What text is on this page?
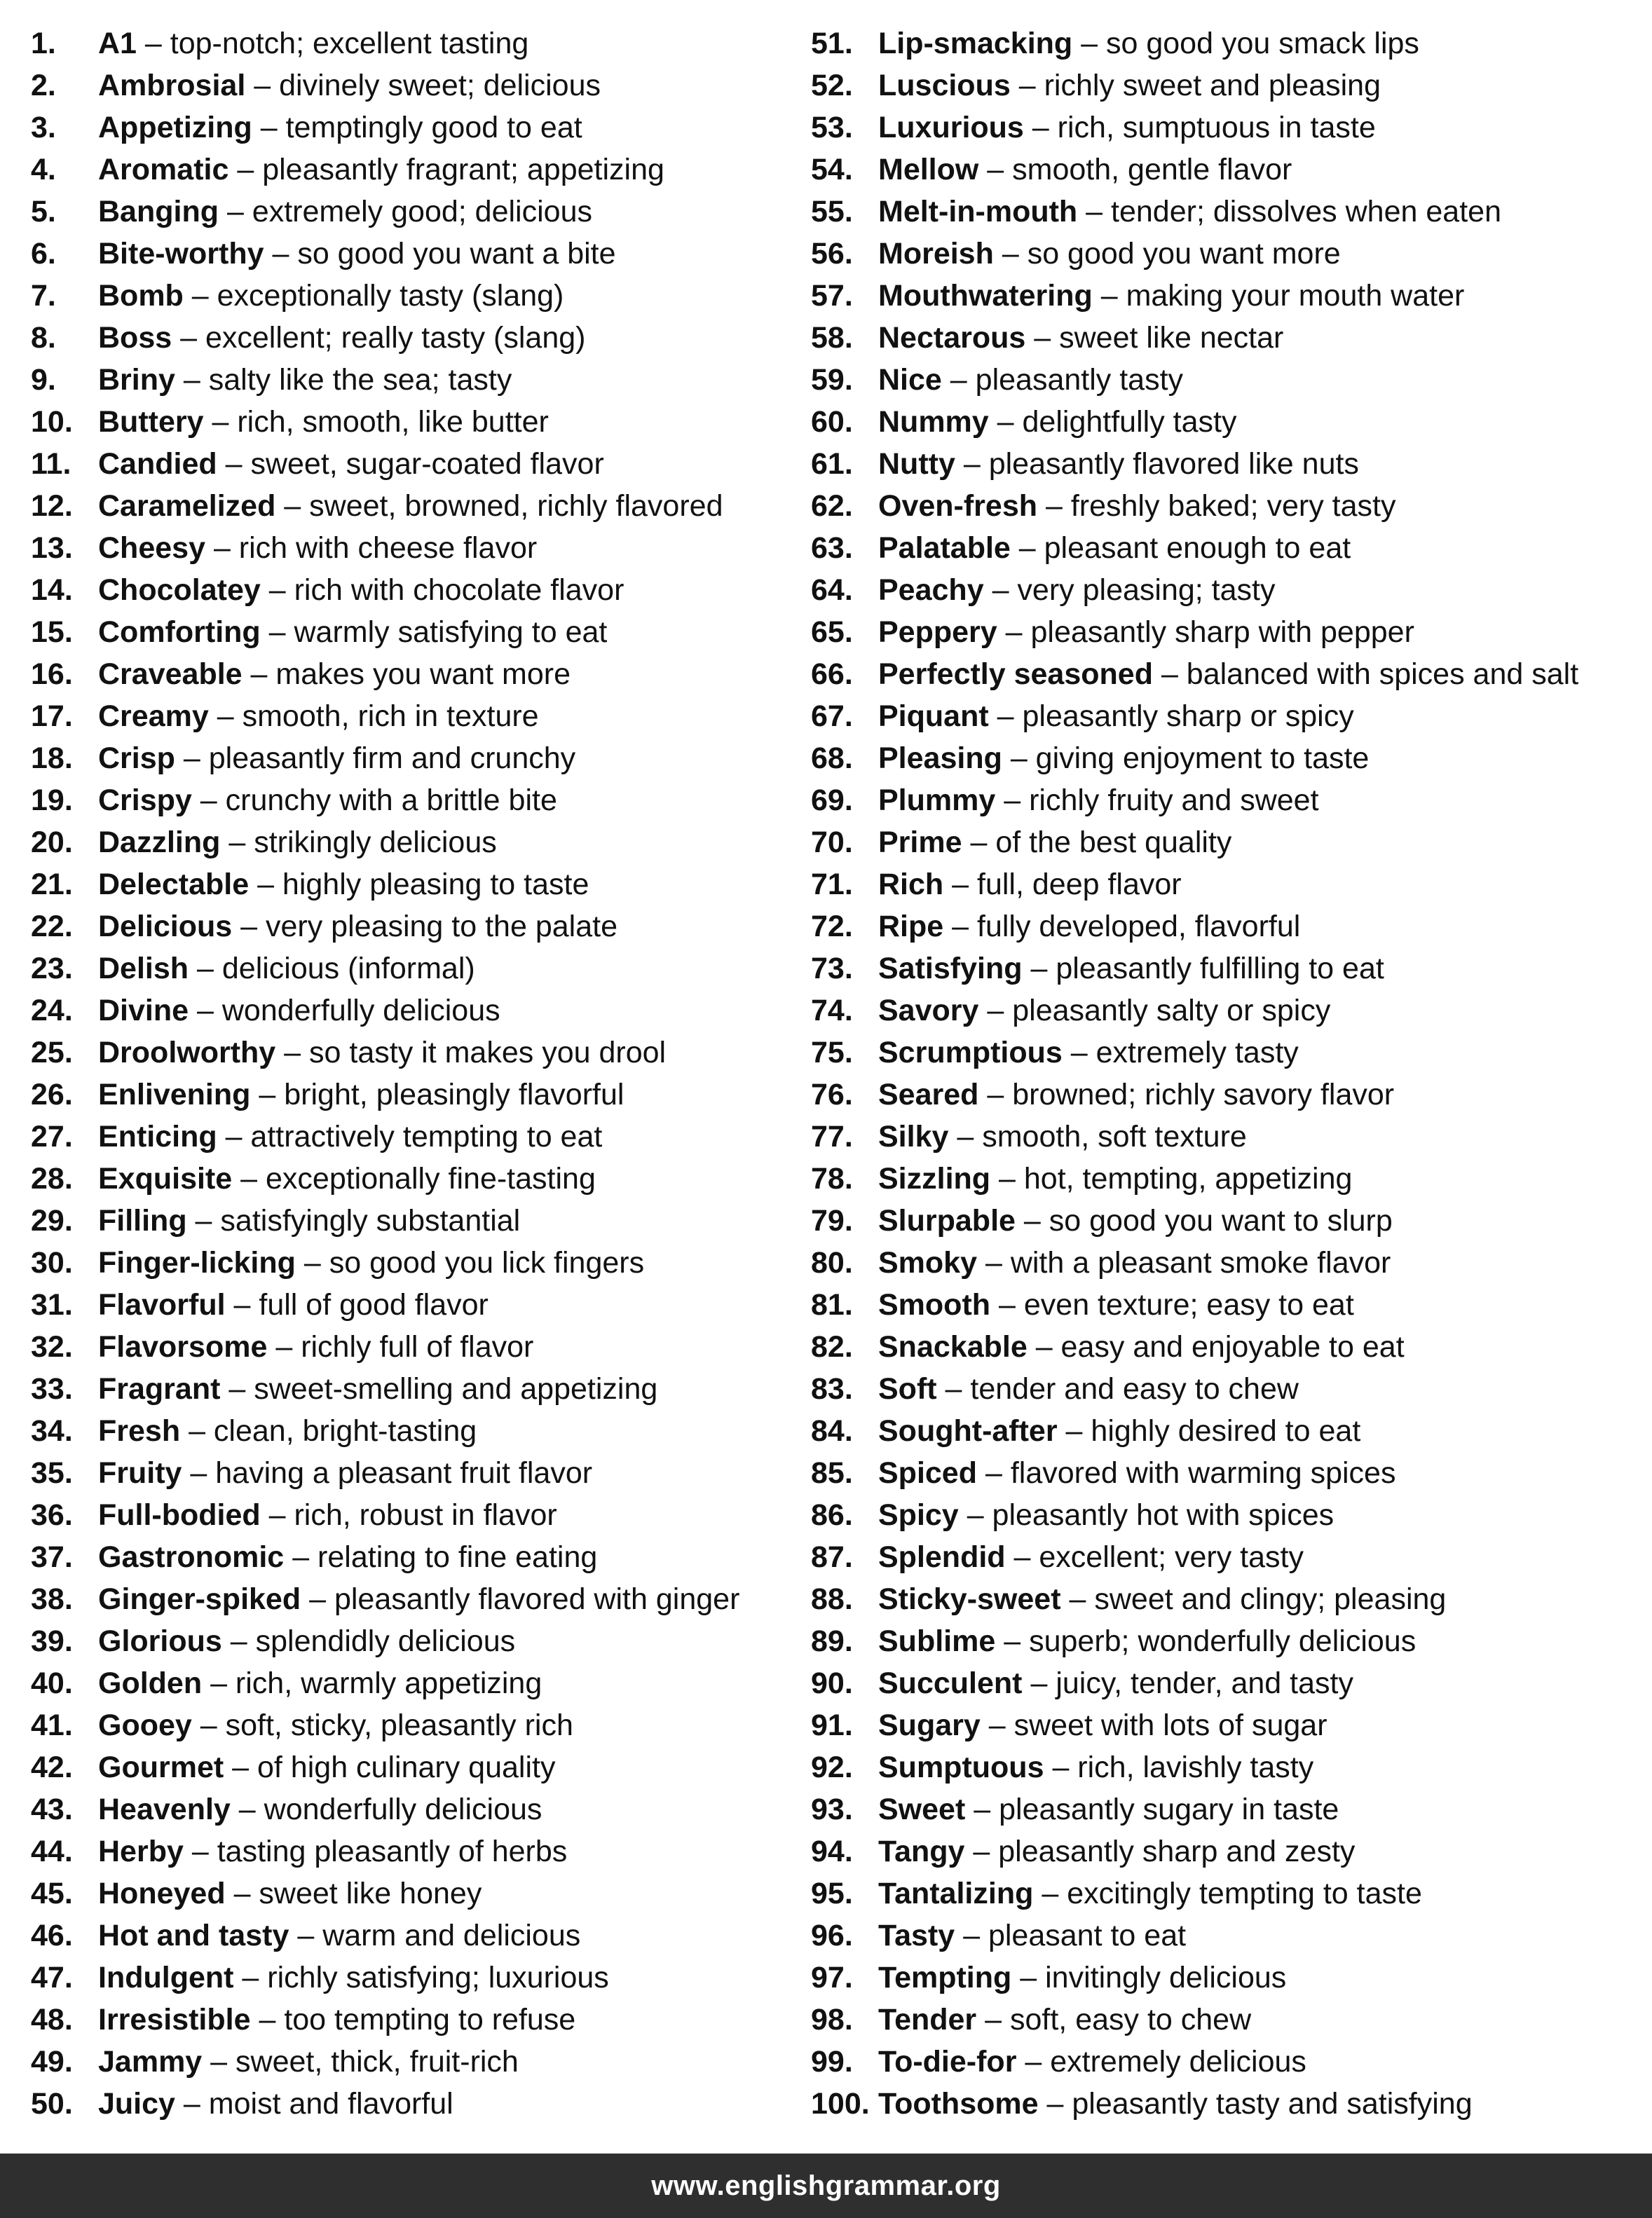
1. A1 – top-notch; excellent tasting
2. Ambrosial – divinely sweet; delicious
3. Appetizing – temptingly good to eat
4. Aromatic – pleasantly fragrant; appetizing
5. Banging – extremely good; delicious
6. Bite-worthy – so good you want a bite
7. Bomb – exceptionally tasty (slang)
8. Boss – excellent; really tasty (slang)
9. Briny – salty like the sea; tasty
10. Buttery – rich, smooth, like butter
11. Candied – sweet, sugar-coated flavor
12. Caramelized – sweet, browned, richly flavored
13. Cheesy – rich with cheese flavor
14. Chocolatey – rich with chocolate flavor
15. Comforting – warmly satisfying to eat
16. Craveable – makes you want more
17. Creamy – smooth, rich in texture
18. Crisp – pleasantly firm and crunchy
19. Crispy – crunchy with a brittle bite
20. Dazzling – strikingly delicious
21. Delectable – highly pleasing to taste
22. Delicious – very pleasing to the palate
23. Delish – delicious (informal)
24. Divine – wonderfully delicious
25. Droolworthy – so tasty it makes you drool
26. Enlivening – bright, pleasingly flavorful
27. Enticing – attractively tempting to eat
28. Exquisite – exceptionally fine-tasting
29. Filling – satisfyingly substantial
30. Finger-licking – so good you lick fingers
31. Flavorful – full of good flavor
32. Flavorsome – richly full of flavor
33. Fragrant – sweet-smelling and appetizing
34. Fresh – clean, bright-tasting
35. Fruity – having a pleasant fruit flavor
36. Full-bodied – rich, robust in flavor
37. Gastronomic – relating to fine eating
38. Ginger-spiked – pleasantly flavored with ginger
39. Glorious – splendidly delicious
40. Golden – rich, warmly appetizing
41. Gooey – soft, sticky, pleasantly rich
42. Gourmet – of high culinary quality
43. Heavenly – wonderfully delicious
44. Herby – tasting pleasantly of herbs
45. Honeyed – sweet like honey
46. Hot and tasty – warm and delicious
47. Indulgent – richly satisfying; luxurious
48. Irresistible – too tempting to refuse
49. Jammy – sweet, thick, fruit-rich
50. Juicy – moist and flavorful
51. Lip-smacking – so good you smack lips
52. Luscious – richly sweet and pleasing
53. Luxurious – rich, sumptuous in taste
54. Mellow – smooth, gentle flavor
55. Melt-in-mouth – tender; dissolves when eaten
56. Moreish – so good you want more
57. Mouthwatering – making your mouth water
58. Nectarous – sweet like nectar
59. Nice – pleasantly tasty
60. Nummy – delightfully tasty
61. Nutty – pleasantly flavored like nuts
62. Oven-fresh – freshly baked; very tasty
63. Palatable – pleasant enough to eat
64. Peachy – very pleasing; tasty
65. Peppery – pleasantly sharp with pepper
66. Perfectly seasoned – balanced with spices and salt
67. Piquant – pleasantly sharp or spicy
68. Pleasing – giving enjoyment to taste
69. Plummy – richly fruity and sweet
70. Prime – of the best quality
71. Rich – full, deep flavor
72. Ripe – fully developed, flavorful
73. Satisfying – pleasantly fulfilling to eat
74. Savory – pleasantly salty or spicy
75. Scrumptious – extremely tasty
76. Seared – browned; richly savory flavor
77. Silky – smooth, soft texture
78. Sizzling – hot, tempting, appetizing
79. Slurpable – so good you want to slurp
80. Smoky – with a pleasant smoke flavor
81. Smooth – even texture; easy to eat
82. Snackable – easy and enjoyable to eat
83. Soft – tender and easy to chew
84. Sought-after – highly desired to eat
85. Spiced – flavored with warming spices
86. Spicy – pleasantly hot with spices
87. Splendid – excellent; very tasty
88. Sticky-sweet – sweet and clingy; pleasing
89. Sublime – superb; wonderfully delicious
90. Succulent – juicy, tender, and tasty
91. Sugary – sweet with lots of sugar
92. Sumptuous – rich, lavishly tasty
93. Sweet – pleasantly sugary in taste
94. Tangy – pleasantly sharp and zesty
95. Tantalizing – excitingly tempting to taste
96. Tasty – pleasant to eat
97. Tempting – invitingly delicious
98. Tender – soft, easy to chew
99. To-die-for – extremely delicious
100. Toothsome – pleasantly tasty and satisfying
www.englishgrammar.org
